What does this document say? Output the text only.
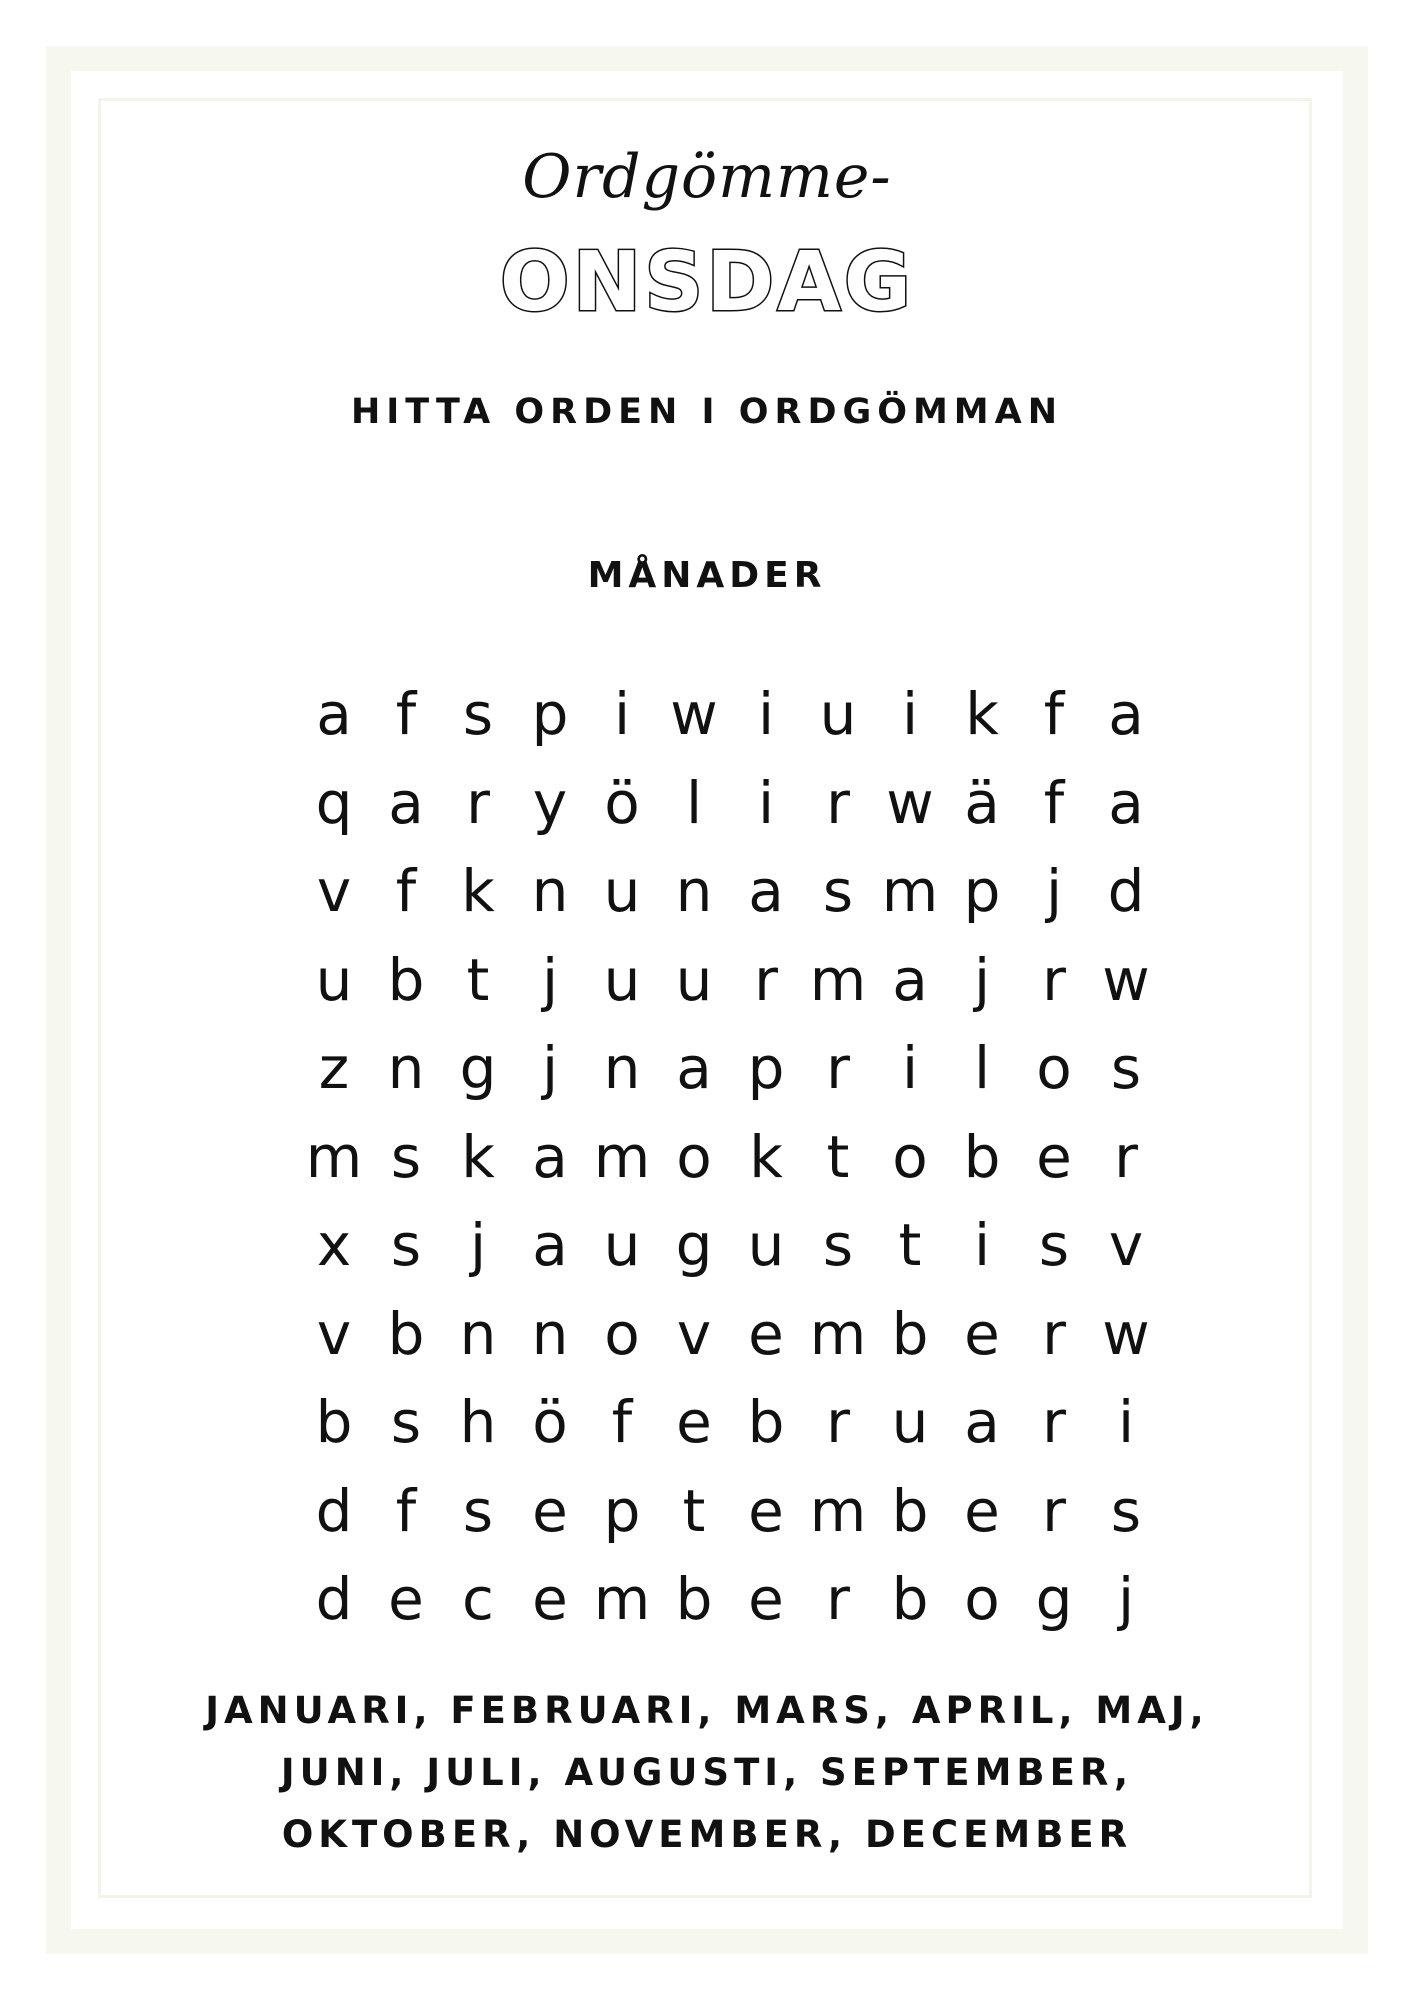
Ordgömme-
ONSDAG
HITTA ORDEN I ORDGÖMMAN
MÅNADER
a f s p i w i u i k f a
q a r y ö l i r w ä f a
v f k n u n a s m p j d
u b t j u u r m a j r w
z n g j n a p r i l o s
m s k a m o k t o b e r
x s j a u g u s t i s v
v b n n o v e m b e r w
b s h ö f e b r u a r i
d f s e p t e m b e r s
d e c e m b e r b o g j
JANUARI, FEBRUARI, MARS, APRIL, MAJ,
JUNI, JULI, AUGUSTI, SEPTEMBER,
OKTOBER, NOVEMBER, DECEMBER
